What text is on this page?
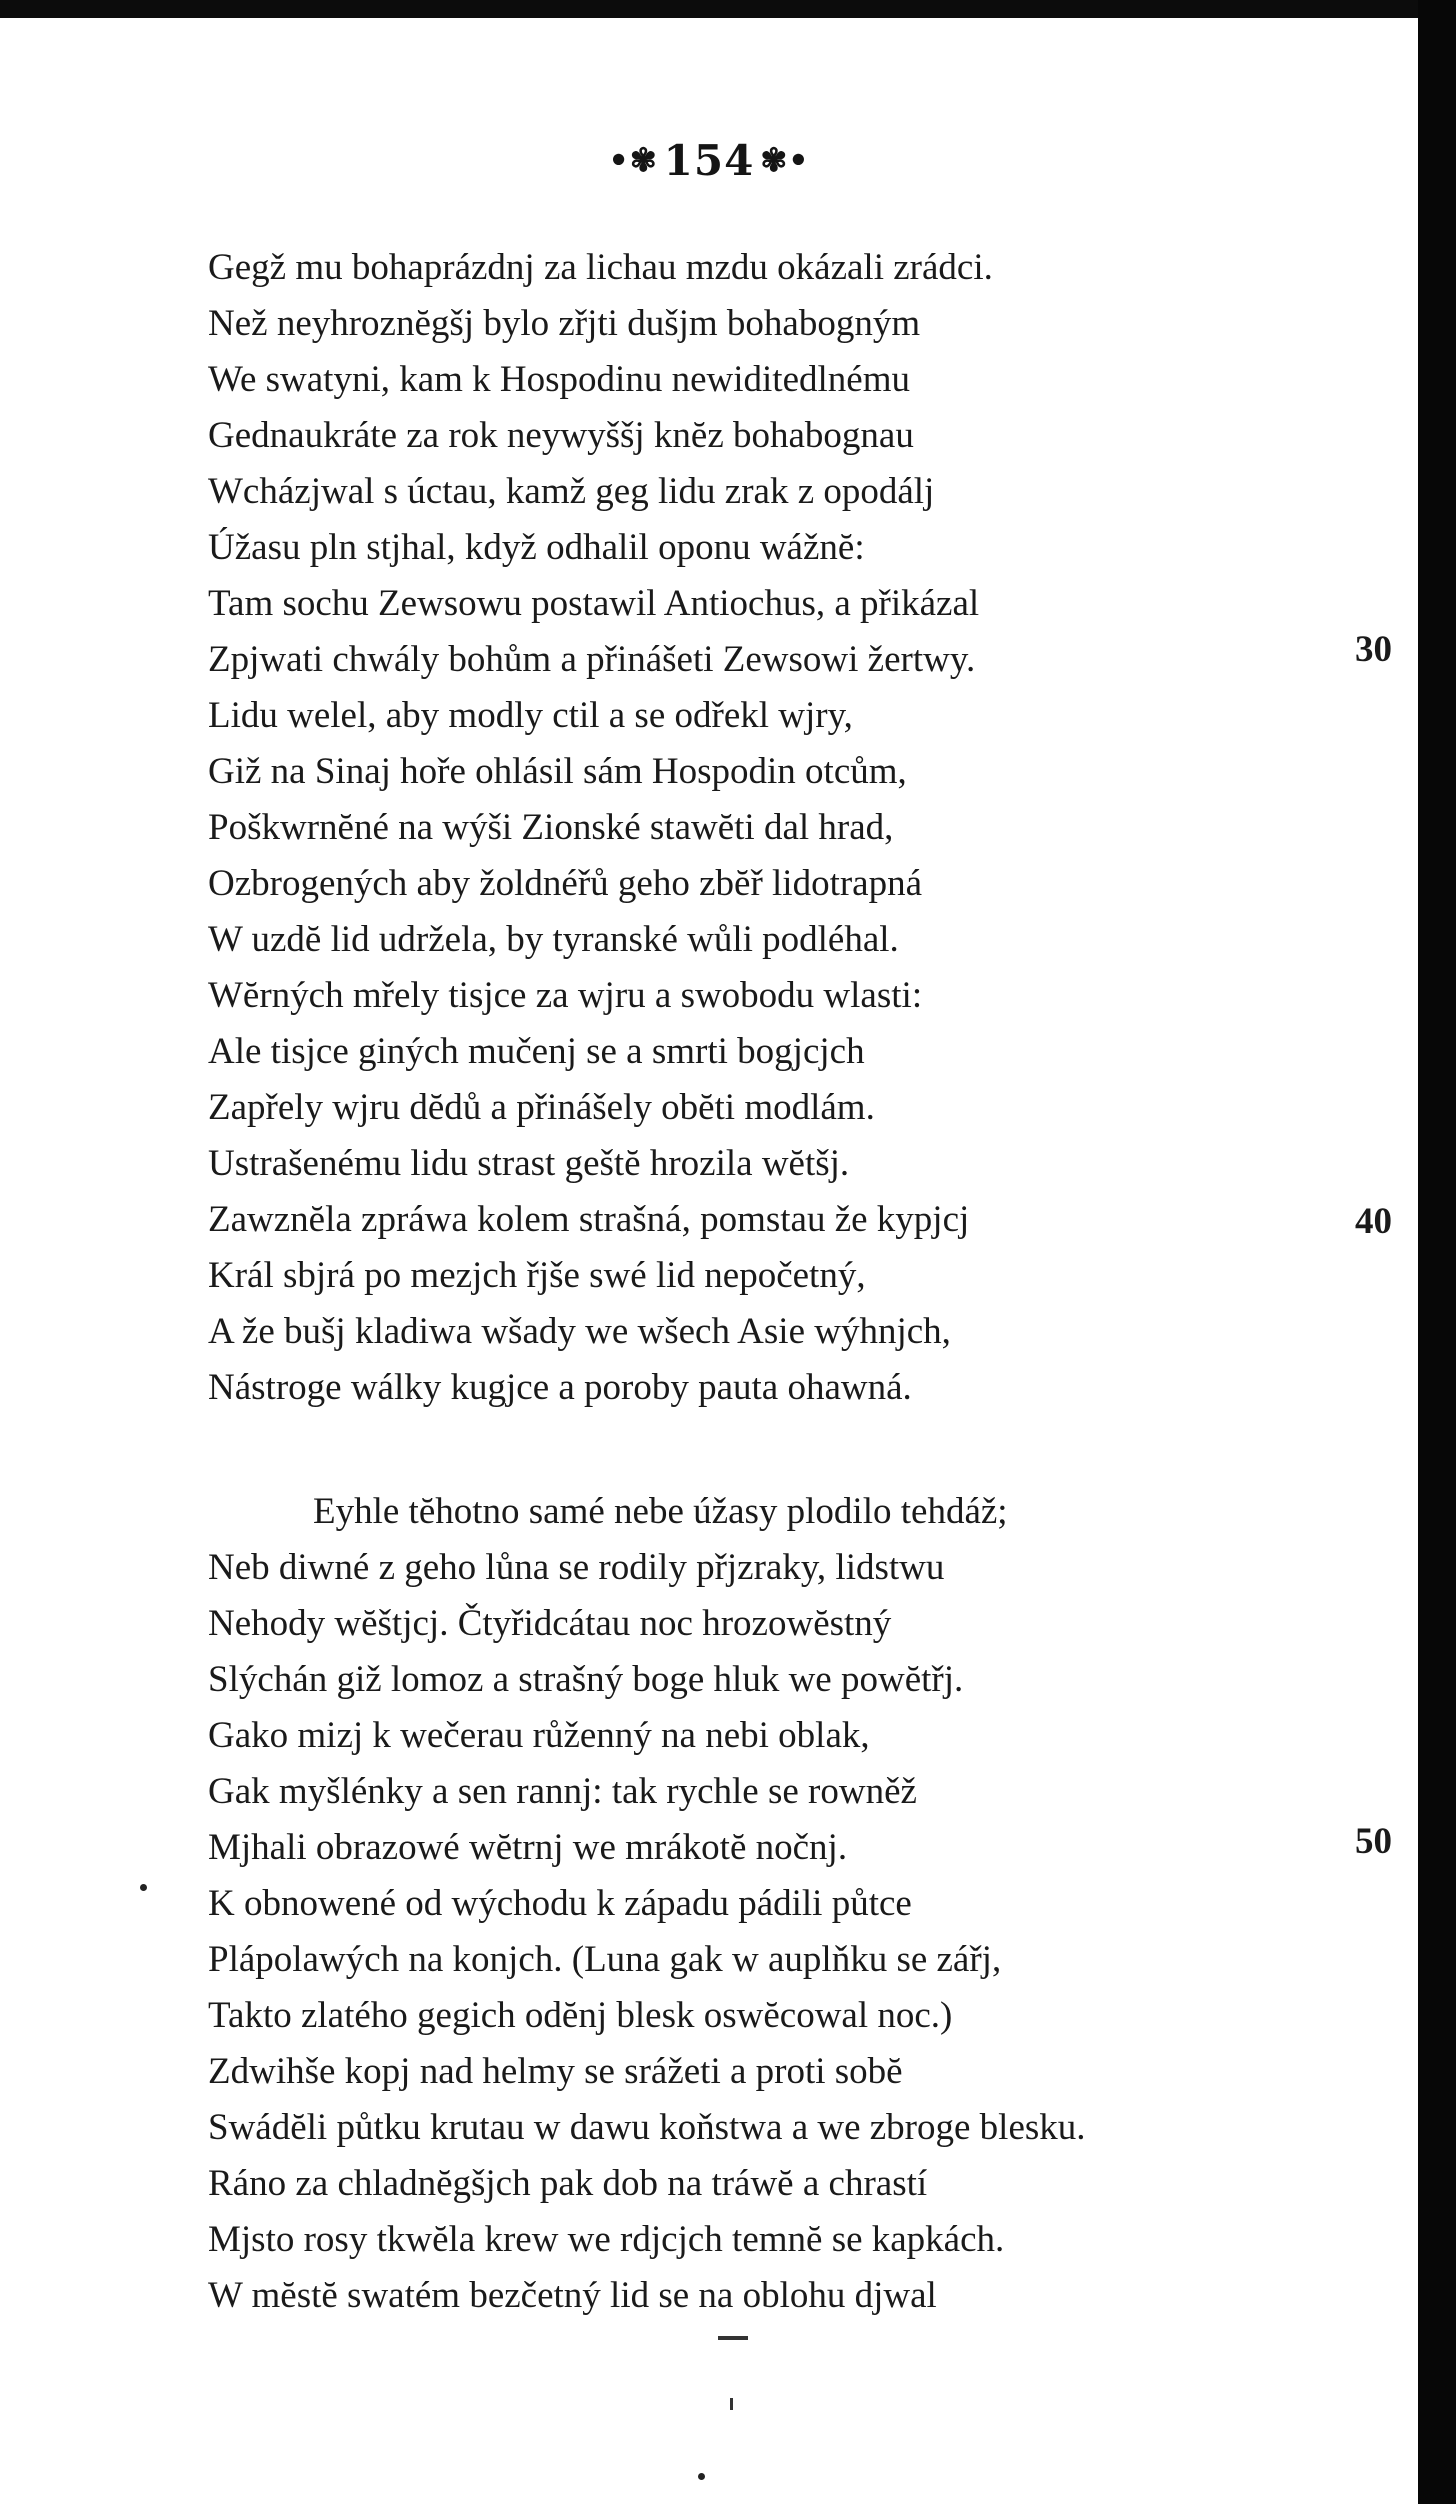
•✾ 154 ✾•
Gegž mu bohaprázdnj za lichau mzdu okázali zrádci.
Než neyhroznĕgšj bylo zřjti dušjm bohabogným
We swatyni, kam k Hospodinu newiditedlnému
Gednaukráte za rok neywyššj knĕz bohabognau
Wcházjwal s úctau, kamž geg lidu zrak z opodálj
Úžasu pln stjhal, když odhalil oponu wážnĕ:
Tam sochu Zewsowu postawil Antiochus, a přikázal
Zpjwati chwály bohům a přinášeti Zewsowi žertwy.
Lidu welel, aby modly ctil a se odřekl wjry,
Giž na Sinaj hoře ohlásil sám Hospodin otcům,
Poškwrnĕné na wýši Zionské stawĕti dal hrad,
Ozbrogených aby žoldnéřů geho zbĕř lidotrapná
W uzdĕ lid udržela, by tyranské wůli podléhal.
Wĕrných mřely tisjce za wjru a swobodu wlasti:
Ale tisjce giných mučenj se a smrti bogjcjch
Zapřely wjru dĕdů a přinášely obĕti modlám.
Ustrašenému lidu strast geštĕ hrozila wĕtšj.
Zawznĕla zpráwa kolem strašná, pomstau že kypjcj
Král sbjrá po mezjch řjše swé lid nepočetný,
A že bušj kladiwa wšady we wšech Asie wýhnjch,
Nástroge wálky kugjce a poroby pauta ohawná.
Eyhle tĕhotno samé nebe úžasy plodilo tehdáž;
Neb diwné z geho lůna se rodily přjzraky, lidstwu
Nehody wĕštjcj. Čtyřidcátau noc hrozowĕstný
Slýchán giž lomoz a strašný boge hluk we powĕtřj.
Gako mizj k wečerau růženný na nebi oblak,
Gak myšlénky a sen rannj: tak rychle se rowněž
Mjhali obrazowé wĕtrnj we mrákotĕ nočnj.
K obnowené od wýchodu k západu pádili půtce
Plápolawých na konjch. (Luna gak w auplňku se zářj,
Takto zlatého gegich odĕnj blesk oswĕcowal noc.)
Zdwihše kopj nad helmy se srážeti a proti sobĕ
Swádĕli půtku krutau w dawu koňstwa a we zbroge blesku.
Ráno za chladnĕgšjch pak dob na tráwĕ a chrastí
Mjsto rosy tkwĕla krew we rdjcjch temnĕ se kapkách.
W mĕstĕ swatém bezčetný lid se na oblohu djwal
30
40
50
